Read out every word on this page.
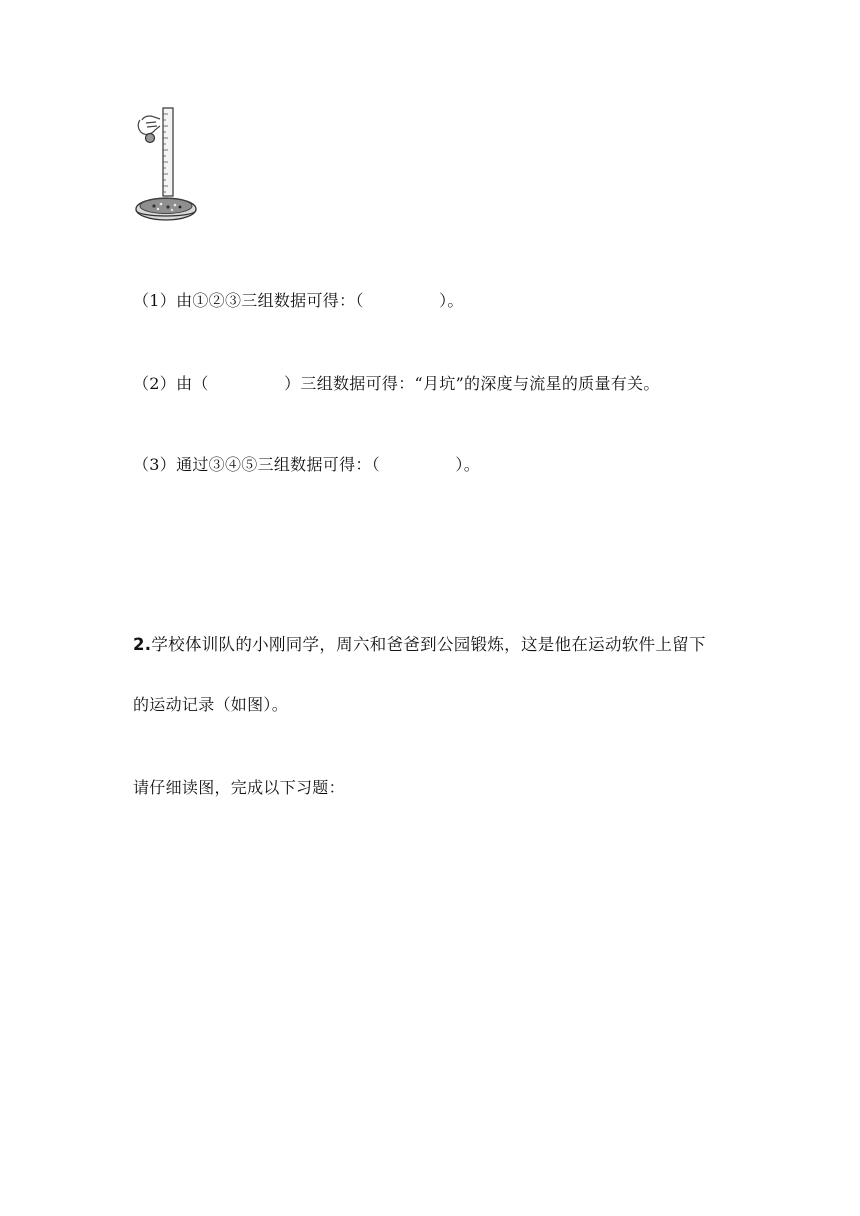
（1）由①②③三组数据可得：（	）。
（2）由（	）三组数据可得：“月坑”的深度与流星的质量有关。
（3）通过③④⑤三组数据可得：（	）。
2.学校体训队的小刚同学，周六和爸爸到公园锻炼，这是他在运动软件上留下
的运动记录（如图）。
请仔细读图，完成以下习题：
